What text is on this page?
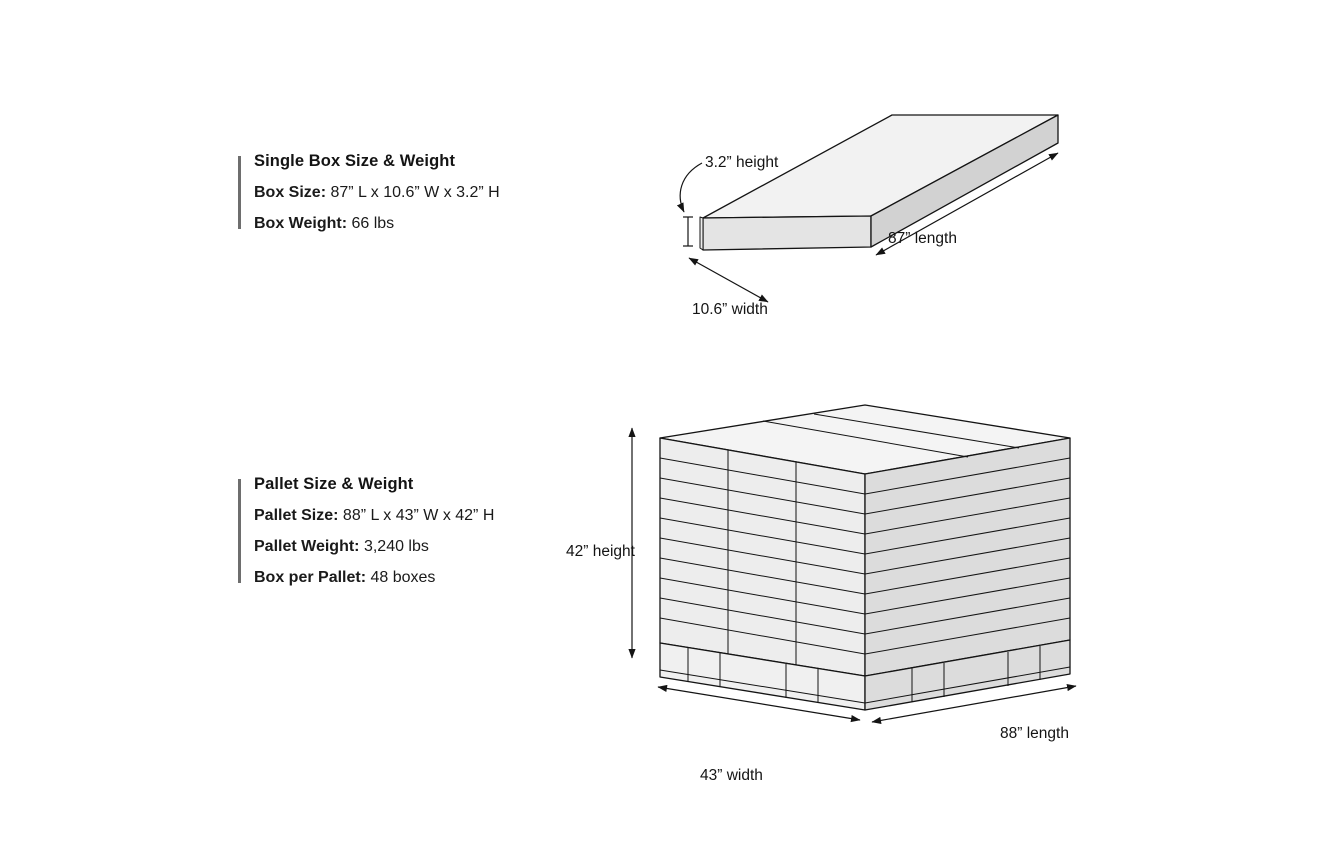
Single Box Size & Weight

Box Size: 87” L x 10.6” W x 3.2” H

Box Weight: 66 lbs

Pallet Size & Weight

Pallet Size: 88” L x 43” W x 42” H

Pallet Weight: 3,240 lbs

Box per Pallet: 48 boxes

3.2” height
87” length
10.6” width
42” height
43” width
88” length
